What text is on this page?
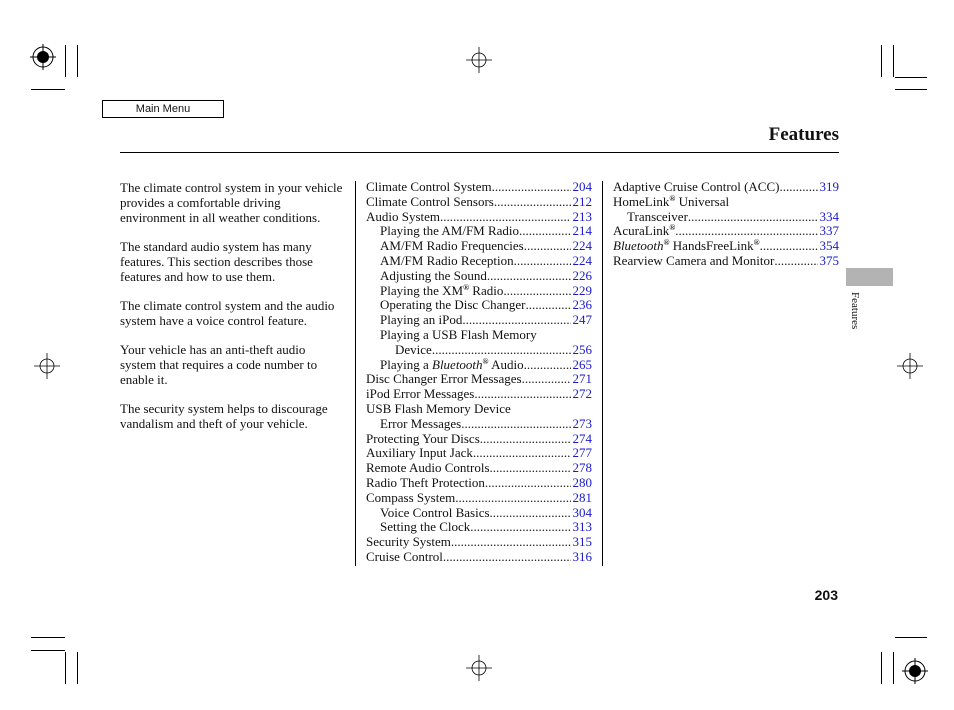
Main Menu
Features

The climate control system in your vehicle provides a comfortable driving environment in all weather conditions.

The standard audio system has many features. This section describes those features and how to use them.

The climate control system and the audio system have a voice control feature.

Your vehicle has an anti-theft audio system that requires a code number to enable it.

The security system helps to discourage vandalism and theft of your vehicle.

Climate Control System .....	204
Climate Control Sensors .....	212
Audio System .....	213
Playing the AM/FM Radio .....	214
AM/FM Radio Frequencies .....	224
AM/FM Radio Reception .....	224
Adjusting the Sound .....	226
Playing the XM® Radio .....	229
Operating the Disc Changer .....	236
Playing an iPod .....	247
Playing a USB Flash Memory
Device .....	256
Playing a Bluetooth® Audio .....	265
Disc Changer Error Messages .....	271
iPod Error Messages .....	272
USB Flash Memory Device
Error Messages .....	273
Protecting Your Discs .....	274
Auxiliary Input Jack .....	277
Remote Audio Controls .....	278
Radio Theft Protection .....	280
Compass System .....	281
Voice Control Basics .....	304
Setting the Clock .....	313
Security System .....	315
Cruise Control .....	316
Adaptive Cruise Control (ACC) .....	319
HomeLink® Universal
Transceiver .....	334
AcuraLink® .....	337
Bluetooth® HandsFreeLink® .....	354
Rearview Camera and Monitor .....	375
Features
203
